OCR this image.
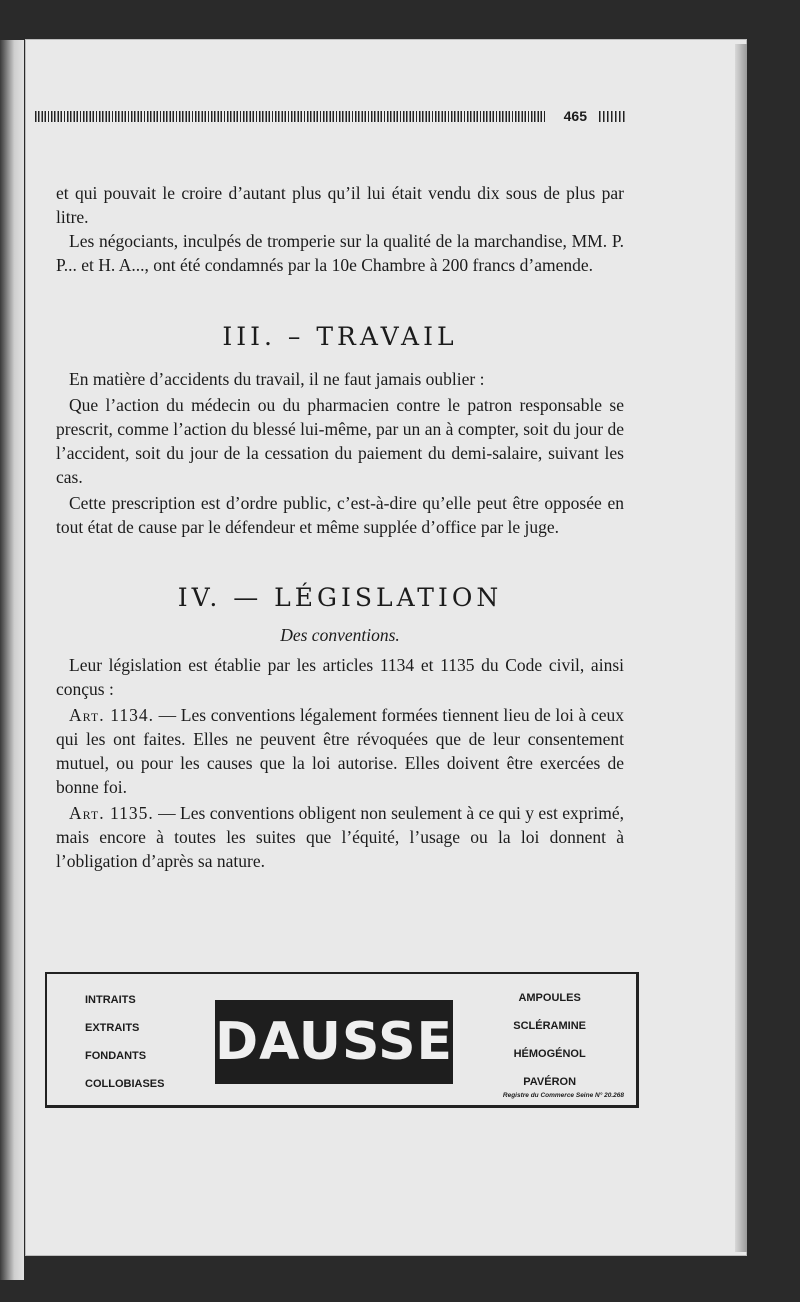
465

et qui pouvait le croire d’autant plus qu’il lui était vendu dix sous de plus par litre.

Les négociants, inculpés de tromperie sur la qualité de la marchandise, MM. P. P... et H. A..., ont été condamnés par la 10e Chambre à 200 francs d’amende.

III. – TRAVAIL

En matière d’accidents du travail, il ne faut jamais oublier :

Que l’action du médecin ou du pharmacien contre le patron responsable se prescrit, comme l’action du blessé lui-même, par un an à compter, soit du jour de l’accident, soit du jour de la cessation du paiement du demi-salaire, suivant les cas.

Cette prescription est d’ordre public, c’est-à-dire qu’elle peut être opposée en tout état de cause par le défendeur et même supplée d’office par le juge.

IV. — LÉGISLATION
Des conventions.

Leur législation est établie par les articles 1134 et 1135 du Code civil, ainsi conçus :

Art. 1134. — Les conventions légalement formées tiennent lieu de loi à ceux qui les ont faites. Elles ne peuvent être révoquées que de leur consentement mutuel, ou pour les causes que la loi autorise. Elles doivent être exercées de bonne foi.

Art. 1135. — Les conventions obligent non seulement à ce qui y est exprimé, mais encore à toutes les suites que l’équité, l’usage ou la loi donnent à l’obligation d’après sa nature.

INTRAITS
EXTRAITS
FONDANTS
COLLOBIASES
DAUSSE
AMPOULES
SCLÉRAMINE
HÉMOGÉNOL
PAVÉRON
Registre du Commerce Seine N° 20.268
